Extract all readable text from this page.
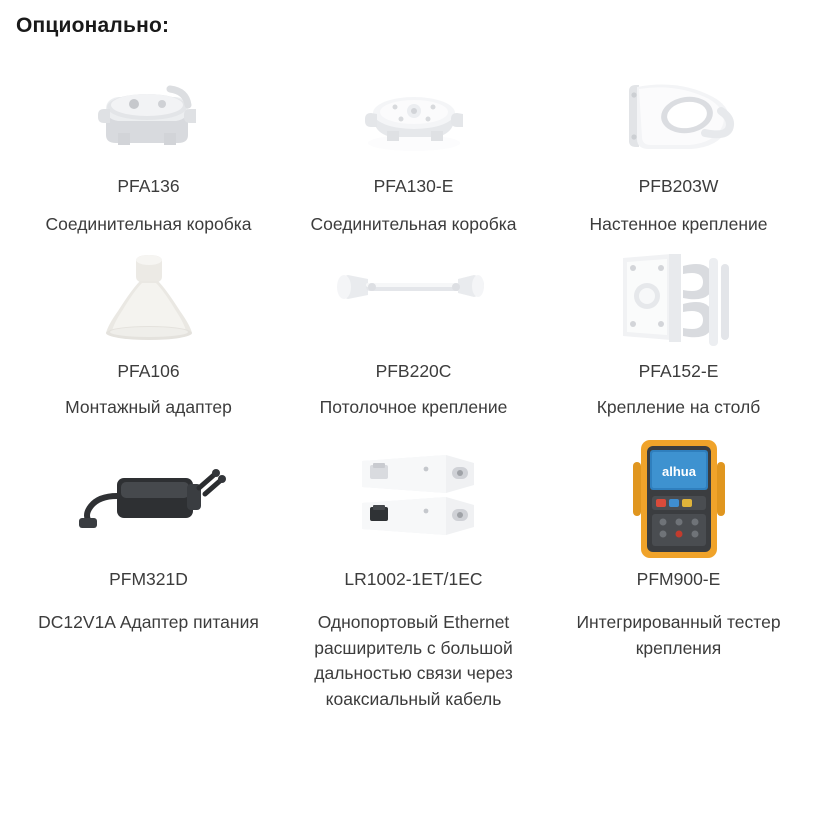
Опционально:
PFA136
Соединительная коробка
PFA130-E
Соединительная коробка
PFB203W
Настенное крепление
PFA106
Монтажный адаптер
PFB220C
Потолочное крепление
PFA152-E
Крепление на столб
PFM321D
DC12V1A Адаптер питания
LR1002-1ET/1EC
Однопортовый Ethernet расширитель с большой дальностью связи через коаксиальный кабель
alhua
PFM900-E
Интегрированный тестер крепления
